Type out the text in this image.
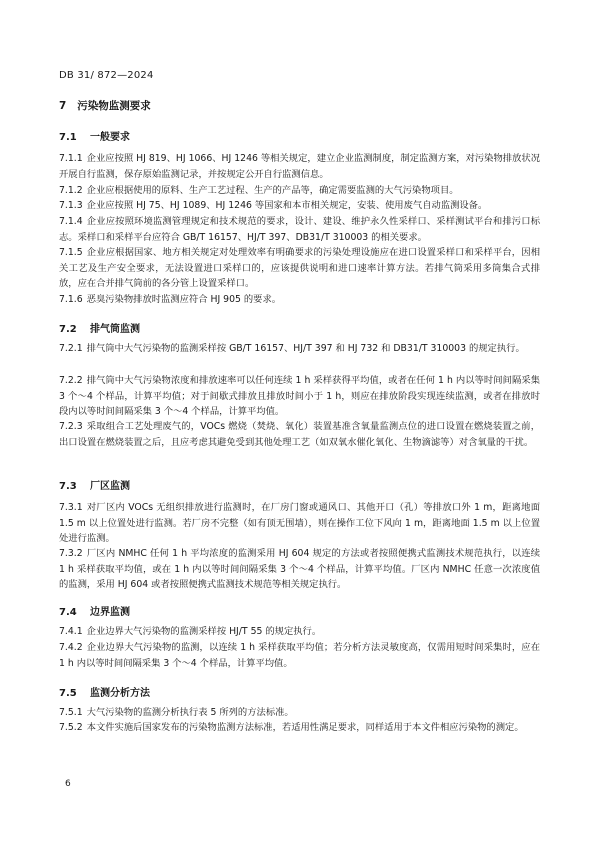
DB 31/ 872—2024
7 污染物监测要求
7.1 一般要求
7.1.1 企业应按照 HJ 819、HJ 1066、HJ 1246 等相关规定，建立企业监测制度，制定监测方案，对污染物排放状况开展自行监测，保存原始监测记录，并按规定公开自行监测信息。
7.1.2 企业应根据使用的原料、生产工艺过程、生产的产品等，确定需要监测的大气污染物项目。
7.1.3 企业应按照 HJ 75、HJ 1089、HJ 1246 等国家和本市相关规定，安装、使用废气自动监测设备。
7.1.4 企业应按照环境监测管理规定和技术规范的要求，设计、建设、维护永久性采样口、采样测试平台和排污口标志。采样口和采样平台应符合 GB/T 16157、HJ/T 397、DB31/T 310003 的相关要求。
7.1.5 企业应根据国家、地方相关规定对处理效率有明确要求的污染处理设施应在进口设置采样口和采样平台，因相关工艺及生产安全要求，无法设置进口采样口的，应该提供说明和进口速率计算方法。若排气筒采用多筒集合式排放，应在合并排气筒前的各分管上设置采样口。
7.1.6 恶臭污染物排放时监测应符合 HJ 905 的要求。
7.2 排气筒监测
7.2.1 排气筒中大气污染物的监测采样按 GB/T 16157、HJ/T 397 和 HJ 732 和 DB31/T 310003 的规定执行。
7.2.2 排气筒中大气污染物浓度和排放速率可以任何连续 1 h 采样获得平均值，或者在任何 1 h 内以等时间间隔采集 3 个～4 个样品，计算平均值；对于间歇式排放且排放时间小于 1 h，则应在排放阶段实现连续监测，或者在排放时段内以等时间间隔采集 3 个～4 个样品，计算平均值。
7.2.3 采取组合工艺处理废气的，VOCs 燃烧（焚烧、氧化）装置基准含氧量监测点位的进口设置在燃烧装置之前，出口设置在燃烧装置之后，且应考虑其避免受到其他处理工艺（如双氧水催化氧化、生物滴滤等）对含氧量的干扰。
7.3 厂区监测
7.3.1 对厂区内 VOCs 无组织排放进行监测时，在厂房门窗或通风口、其他开口（孔）等排放口外 1 m，距离地面 1.5 m 以上位置处进行监测。若厂房不完整（如有顶无围墙），则在操作工位下风向 1 m，距离地面 1.5 m 以上位置处进行监测。
7.3.2 厂区内 NMHC 任何 1 h 平均浓度的监测采用 HJ 604 规定的方法或者按照便携式监测技术规范执行，以连续 1 h 采样获取平均值，或在 1 h 内以等时间间隔采集 3 个～4 个样品，计算平均值。厂区内 NMHC 任意一次浓度值的监测，采用 HJ 604 或者按照便携式监测技术规范等相关规定执行。
7.4 边界监测
7.4.1 企业边界大气污染物的监测采样按 HJ/T 55 的规定执行。
7.4.2 企业边界大气污染物的监测，以连续 1 h 采样获取平均值；若分析方法灵敏度高，仅需用短时间采集时，应在 1 h 内以等时间间隔采集 3 个～4 个样品，计算平均值。
7.5 监测分析方法
7.5.1 大气污染物的监测分析执行表 5 所列的方法标准。
7.5.2 本文件实施后国家发布的污染物监测方法标准，若适用性满足要求，同样适用于本文件相应污染物的测定。
6
